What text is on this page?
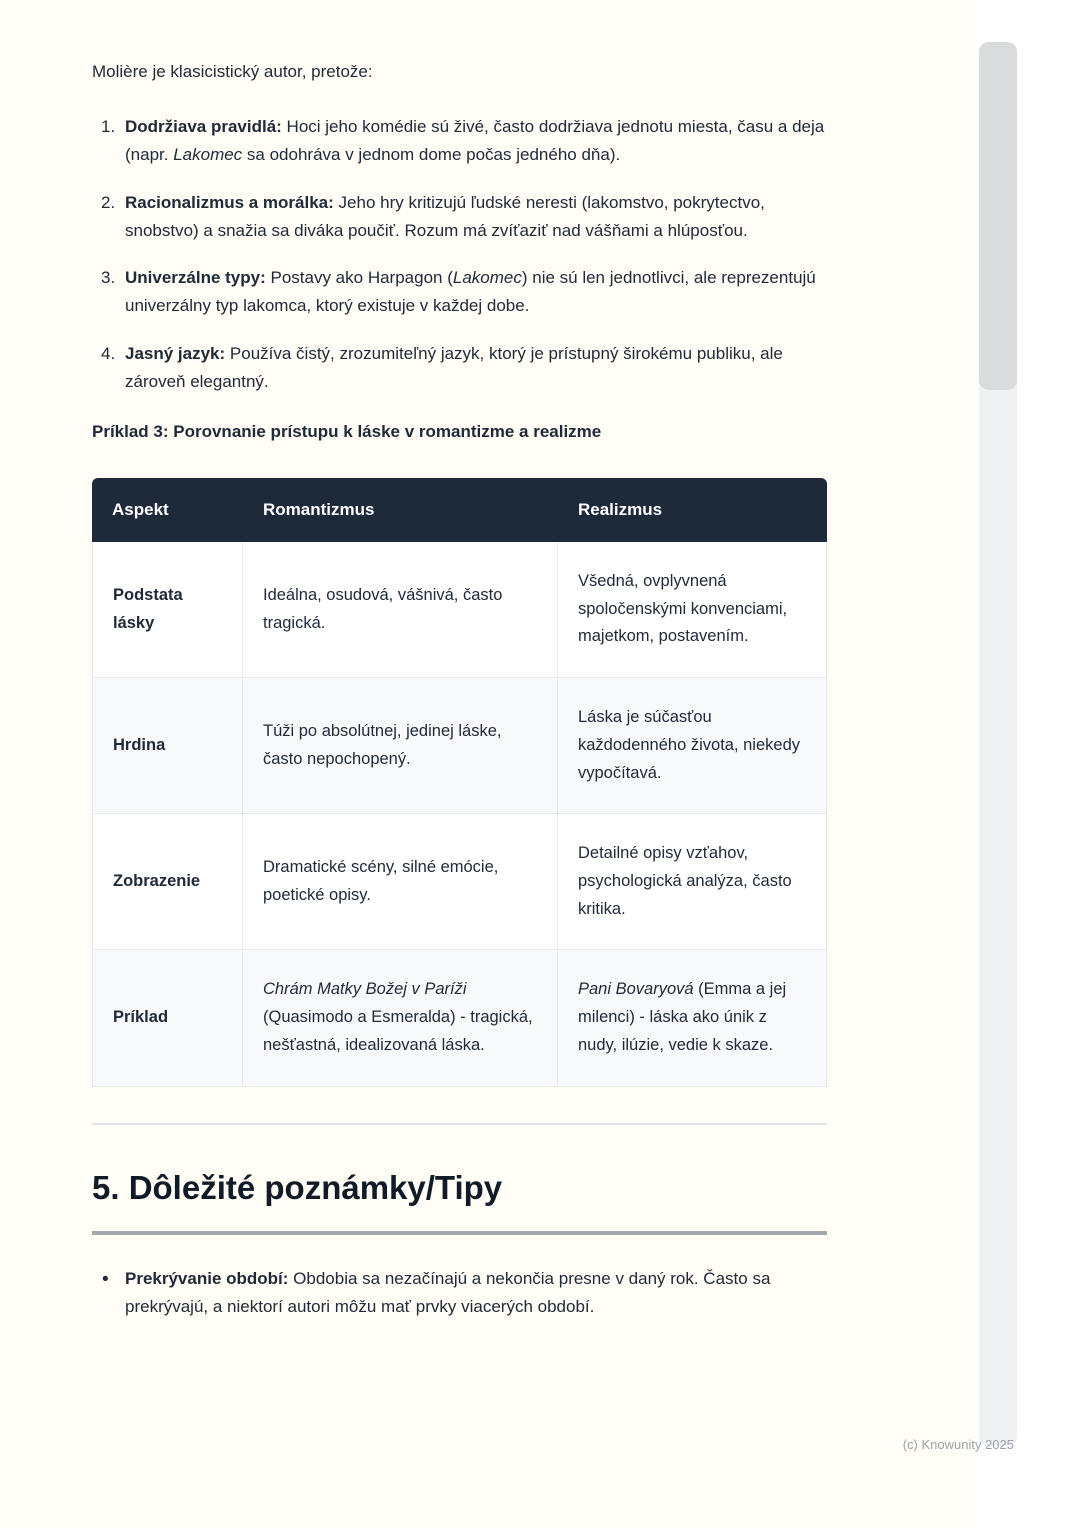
Molière je klasicistický autor, pretože:

Dodržiava pravidlá: Hoci jeho komédie sú živé, často dodržiava jednotu miesta, času a deja (napr. Lakomec sa odohráva v jednom dome počas jedného dňa).
Racionalizmus a morálka: Jeho hry kritizujú ľudské neresti (lakomstvo, pokrytectvo, snobstvo) a snažia sa diváka poučiť. Rozum má zvíťaziť nad vášňami a hlúposťou.
Univerzálne typy: Postavy ako Harpagon (Lakomec) nie sú len jednotlivci, ale reprezentujú univerzálny typ lakomca, ktorý existuje v každej dobe.
Jasný jazyk: Používa čistý, zrozumiteľný jazyk, ktorý je prístupný širokému publiku, ale zároveň elegantný.

Príklad 3: Porovnanie prístupu k láske v romantizme a realizme

Aspekt	Romantizmus	Realizmus
Podstata lásky	Ideálna, osudová, vášnivá, často tragická.	Všedná, ovplyvnená spoločenskými konvenciami, majetkom, postavením.
Hrdina	Túži po absolútnej, jedinej láske, často nepochopený.	Láska je súčasťou každodenného života, niekedy vypočítavá.
Zobrazenie	Dramatické scény, silné emócie, poetické opisy.	Detailné opisy vzťahov, psychologická analýza, často kritika.
Príklad	Chrám Matky Božej v Paríži (Quasimodo a Esmeralda) - tragická, nešťastná, idealizovaná láska.	Pani Bovaryová (Emma a jej milenci) - láska ako únik z nudy, ilúzie, vedie k skaze.
5. Dôležité poznámky/Tipy
• Prekrývanie období: Obdobia sa nezačínajú a nekončia presne v daný rok. Často sa prekrývajú, a niektorí autori môžu mať prvky viacerých období.
(c) Knowunity 2025
